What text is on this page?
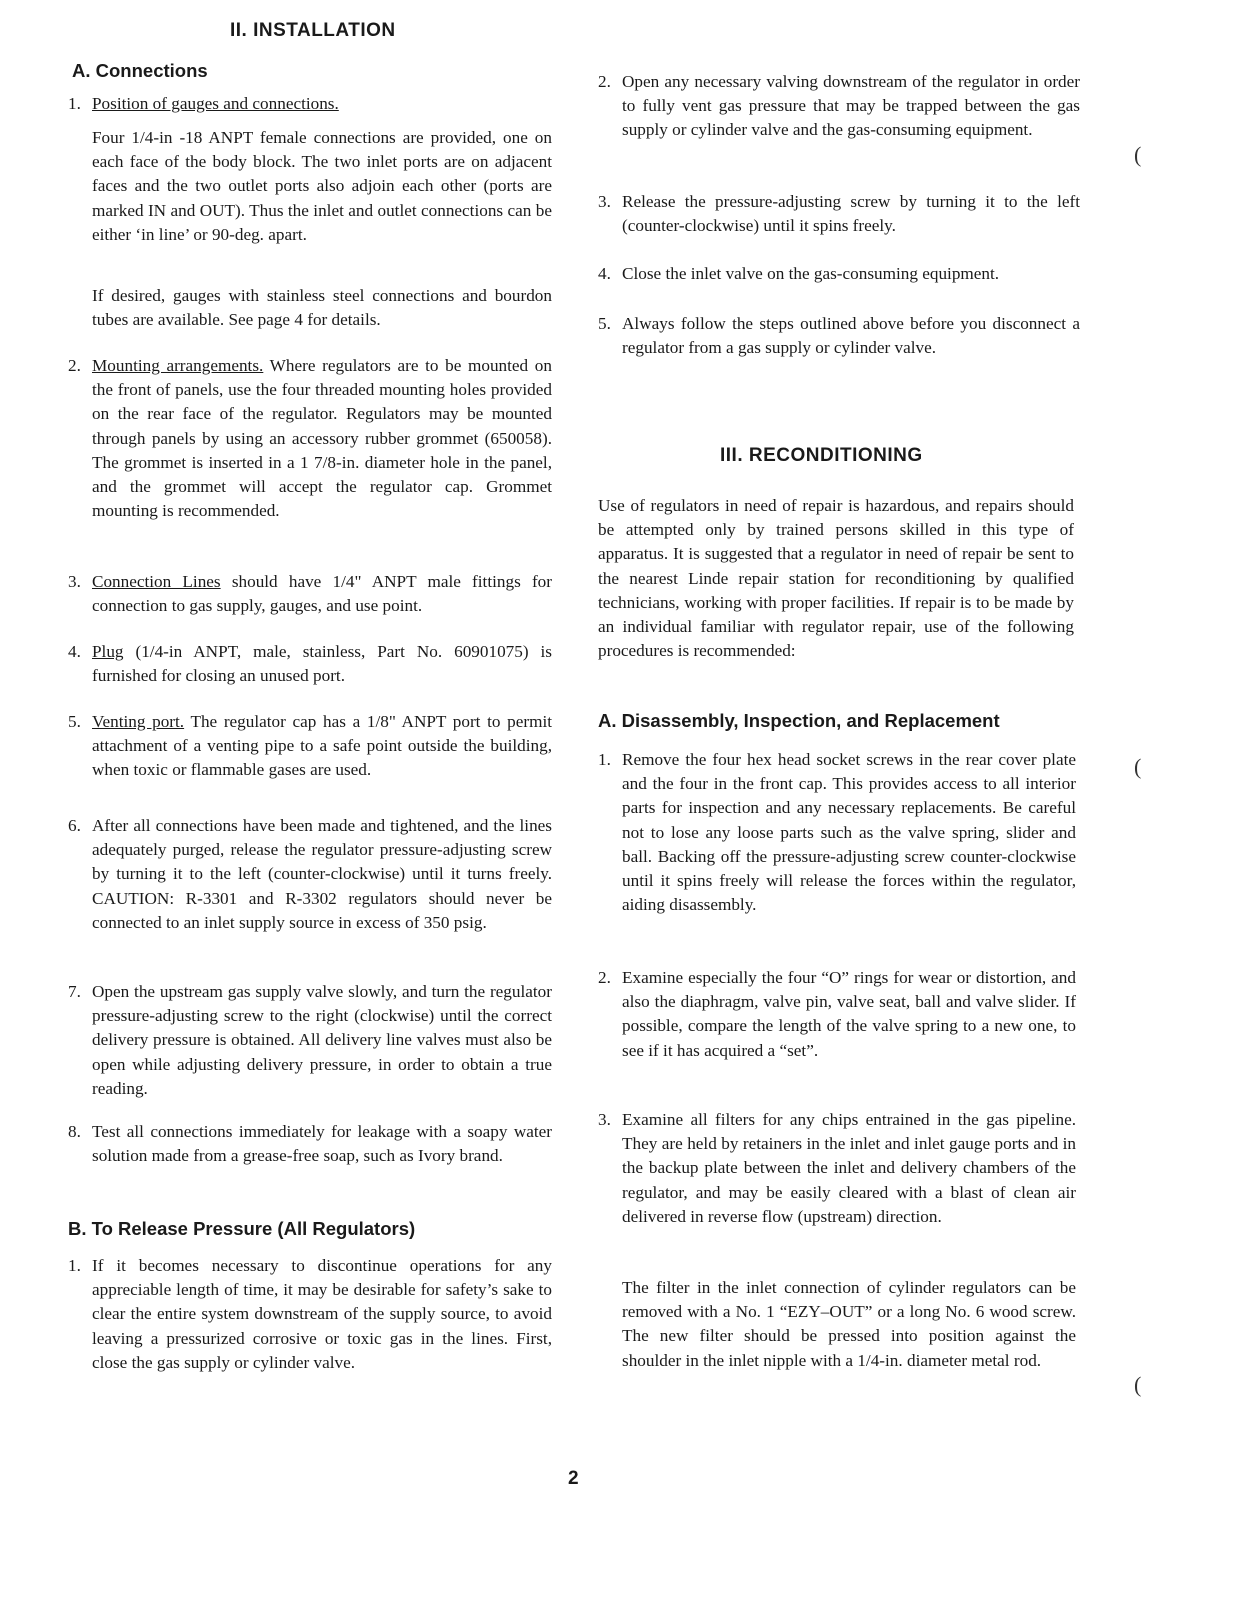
II. INSTALLATION
A. Connections
1. Position of gauges and connections.

Four 1/4-in -18 ANPT female connections are provided, one on each face of the body block. The two inlet ports are on adjacent faces and the two outlet ports also adjoin each other (ports are marked IN and OUT). Thus the inlet and outlet connections can be either ‘in line’ or 90-deg. apart.

If desired, gauges with stainless steel connections and bourdon tubes are available. See page 4 for details.

2. Mounting arrangements. Where regulators are to be mounted on the front of panels, use the four threaded mounting holes provided on the rear face of the regulator. Regulators may be mounted through panels by using an accessory rubber grommet (650058). The grommet is inserted in a 1 7/8-in. diameter hole in the panel, and the grommet will accept the regulator cap. Grommet mounting is recommended.
3. Connection Lines should have 1/4" ANPT male fittings for connection to gas supply, gauges, and use point.
4. Plug (1/4-in ANPT, male, stainless, Part No. 60901075) is furnished for closing an unused port.
5. Venting port. The regulator cap has a 1/8" ANPT port to permit attachment of a venting pipe to a safe point outside the building, when toxic or flammable gases are used.
6. After all connections have been made and tightened, and the lines adequately purged, release the regulator pressure-adjusting screw by turning it to the left (counter-clockwise) until it turns freely. CAUTION: R-3301 and R-3302 regulators should never be connected to an inlet supply source in excess of 350 psig.
7. Open the upstream gas supply valve slowly, and turn the regulator pressure-adjusting screw to the right (clockwise) until the correct delivery pressure is obtained. All delivery line valves must also be open while adjusting delivery pressure, in order to obtain a true reading.
8. Test all connections immediately for leakage with a soapy water solution made from a grease-free soap, such as Ivory brand.
B. To Release Pressure (All Regulators)
1. If it becomes necessary to discontinue operations for any appreciable length of time, it may be desirable for safety’s sake to clear the entire system downstream of the supply source, to avoid leaving a pressurized corrosive or toxic gas in the lines. First, close the gas supply or cylinder valve.
2. Open any necessary valving downstream of the regulator in order to fully vent gas pressure that may be trapped between the gas supply or cylinder valve and the gas-consuming equipment.
3. Release the pressure-adjusting screw by turning it to the left (counter-clockwise) until it spins freely.
4. Close the inlet valve on the gas-consuming equipment.
5. Always follow the steps outlined above before you disconnect a regulator from a gas supply or cylinder valve.
III. RECONDITIONING

Use of regulators in need of repair is hazardous, and repairs should be attempted only by trained persons skilled in this type of apparatus. It is suggested that a regulator in need of repair be sent to the nearest Linde repair station for reconditioning by qualified technicians, working with proper facilities. If repair is to be made by an individual familiar with regulator repair, use of the following procedures is recommended:

A. Disassembly, Inspection, and Replacement
1. Remove the four hex head socket screws in the rear cover plate and the four in the front cap. This provides access to all interior parts for inspection and any necessary replacements. Be careful not to lose any loose parts such as the valve spring, slider and ball. Backing off the pressure-adjusting screw counter-clockwise until it spins freely will release the forces within the regulator, aiding disassembly.
2. Examine especially the four “O” rings for wear or distortion, and also the diaphragm, valve pin, valve seat, ball and valve slider. If possible, compare the length of the valve spring to a new one, to see if it has acquired a “set”.
3. Examine all filters for any chips entrained in the gas pipeline. They are held by retainers in the inlet and inlet gauge ports and in the backup plate between the inlet and delivery chambers of the regulator, and may be easily cleared with a blast of clean air delivered in reverse flow (upstream) direction.

The filter in the inlet connection of cylinder regulators can be removed with a No. 1 “EZY–OUT” or a long No. 6 wood screw. The new filter should be pressed into position against the shoulder in the inlet nipple with a 1/4-in. diameter metal rod.

(
(
(
2
